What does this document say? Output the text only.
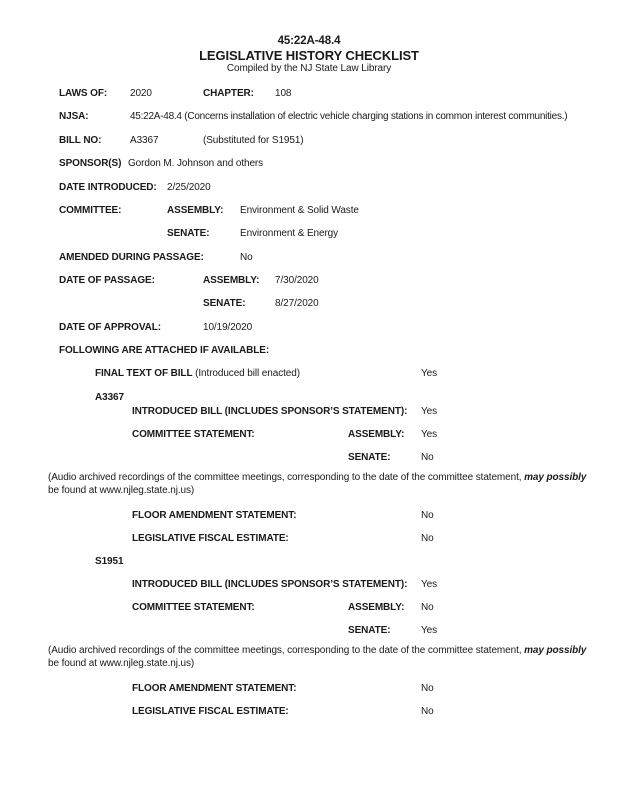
45:22A-48.4
LEGISLATIVE HISTORY CHECKLIST
Compiled by the NJ State Law Library
LAWS OF: 2020	CHAPTER: 108
NJSA:	45:22A-48.4 (Concerns installation of electric vehicle charging stations in common interest communities.)
BILL NO:	A3367	(Substituted for S1951)
SPONSOR(S) Gordon M. Johnson and others
DATE INTRODUCED: 2/25/2020
COMMITTEE:	ASSEMBLY: Environment & Solid Waste
SENATE:	Environment & Energy
AMENDED DURING PASSAGE:	No
DATE OF PASSAGE:	ASSEMBLY: 7/30/2020
SENATE:	8/27/2020
DATE OF APPROVAL:	10/19/2020
FOLLOWING ARE ATTACHED IF AVAILABLE:
FINAL TEXT OF BILL (Introduced bill enacted)	Yes
A3367
INTRODUCED BILL (INCLUDES SPONSOR’S STATEMENT): Yes
COMMITTEE STATEMENT:	ASSEMBLY: Yes
SENATE:	No
(Audio archived recordings of the committee meetings, corresponding to the date of the committee statement, may possibly
be found at www.njleg.state.nj.us)
FLOOR AMENDMENT STATEMENT:	No
LEGISLATIVE FISCAL ESTIMATE:	No
S1951
INTRODUCED BILL (INCLUDES SPONSOR’S STATEMENT): Yes
COMMITTEE STATEMENT:	ASSEMBLY: No
SENATE:	Yes
(Audio archived recordings of the committee meetings, corresponding to the date of the committee statement, may possibly
be found at www.njleg.state.nj.us)
FLOOR AMENDMENT STATEMENT:	No
LEGISLATIVE FISCAL ESTIMATE:	No
